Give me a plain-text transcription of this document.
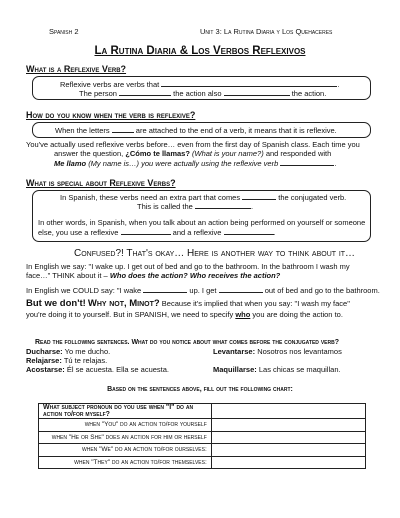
Spanish 2	Unit 3: La Rutina Diaria y Los Quehaceres
La Rutina Diaria & Los Verbos Reflexivos
What is a Reflexive Verb?
Reflexive verbs are verbs that	.
The person	the action also	the action.
How do you know when the verb is reflexive?
When the letters	are attached to the end of a verb, it means that it is reflexive.
You've actually used reflexive verbs before… even from the first day of Spanish class. Each time you
answer the question, ¿Cómo te llamas? (What is your name?) and responded with
Me llamo (My name is…) you were actually using the reflexive verb	.
What is special about Reflexive Verbs?
In Spanish, these verbs need an extra part that comes	the conjugated verb.
This is called the	.
In other words, in Spanish, when you talk about an action being performed on yourself or someone
else, you use a reflexive	and a reflexive	.
Confused?! That's okay… Here is another way to think about it…
In English we say: "I wake up. I get out of bed and go to the bathroom. In the bathroom I wash my
face…" THINK about it – Who does the action? Who receives the action?
In English we COULD say: "I wake	up. I get	out of bed and go to the bathroom.
But we don't! Why not, Minot? Because it's implied that when you say: "I wash my face"
you're doing it to yourself. But in SPANISH, we need to specify who you are doing the action to.
Read the following sentences. What do you notice about what comes before the conjugated verb?
Ducharse: Yo me ducho.	Levantarse: Nosotros nos levantamos
Relajarse: Tú te relajas.
Acostarse: Él se acuesta. Ella se acuesta.	Maquillarse: Las chicas se maquillan.
Based on the sentences above, fill out the following chart:
What subject pronoun do you use when "I" do an action to/for myself?	
when "You" do an action to/for yourself	
when "He or She" does an action for him or herself	
when "We" do an action to/for ourselves:	
when "They" do an action to/for themselves:	
